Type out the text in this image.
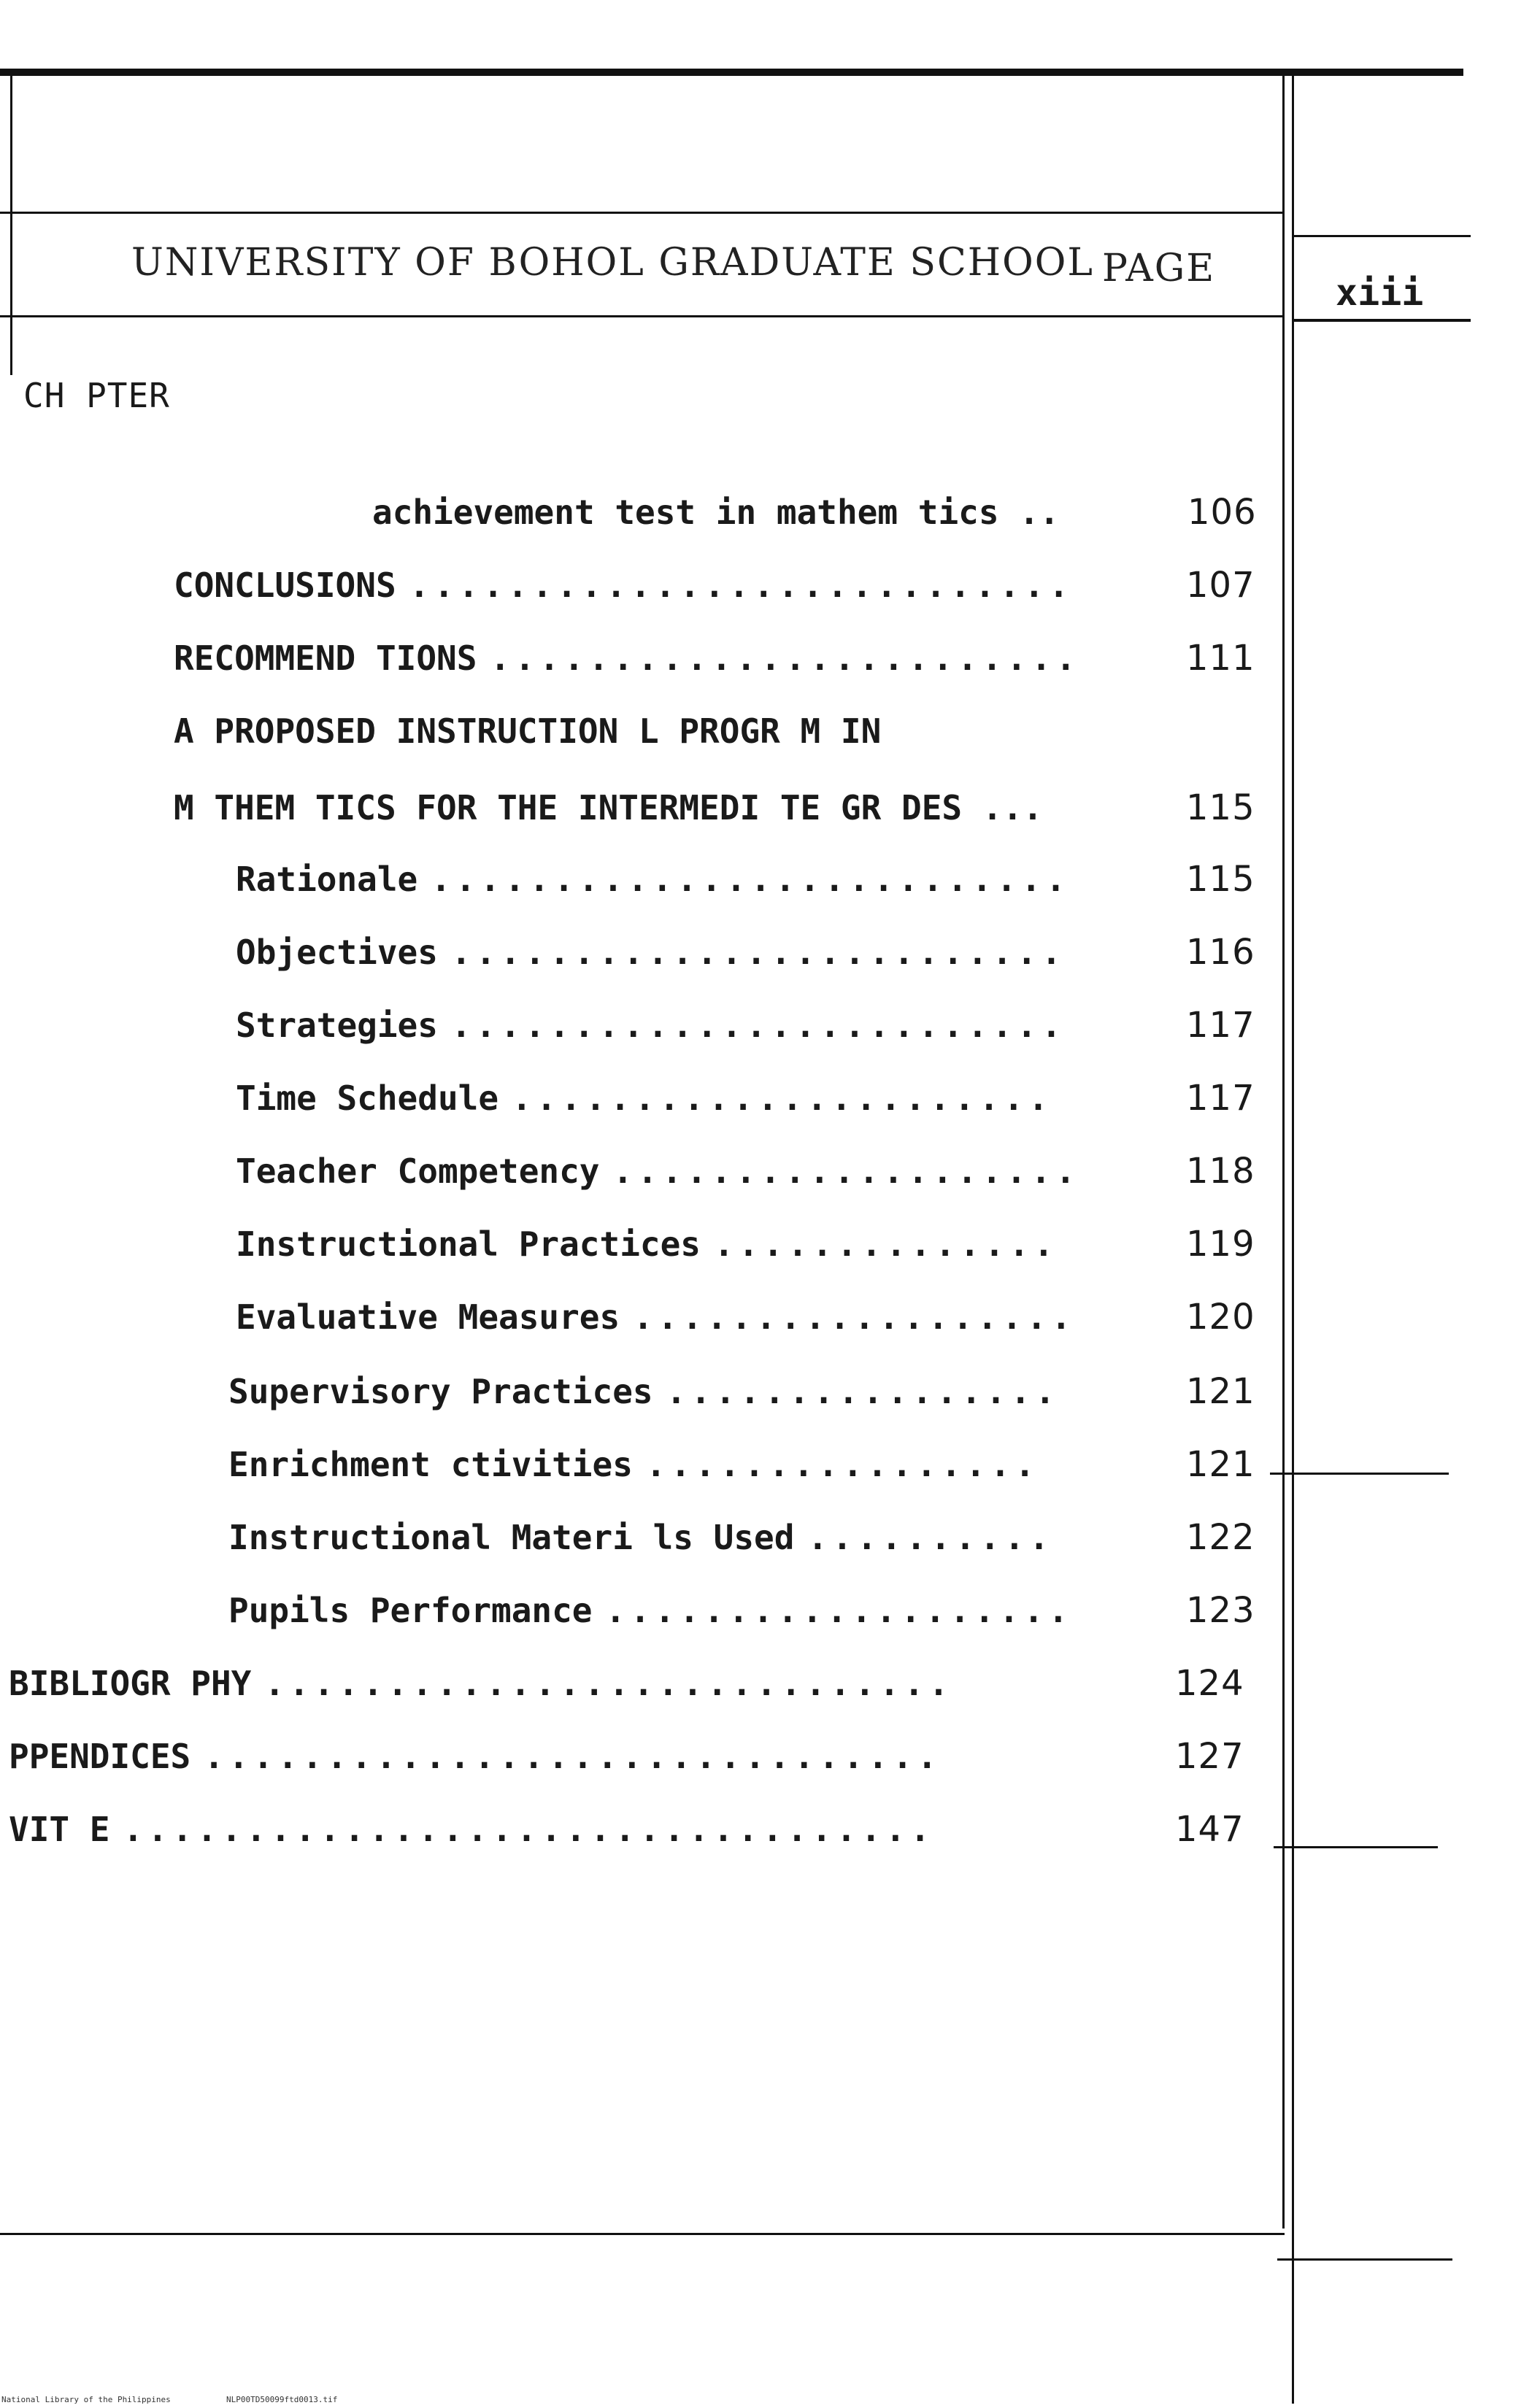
UNIVERSITY OF BOHOL GRADUATE SCHOOL PAGE
xiii
CH PTER
achievement test in mathem tics ..	106
CONCLUSIONS ...........................	107
RECOMMEND TIONS ........................	111
A PROPOSED INSTRUCTION L PROGR M IN
M THEM TICS FOR THE INTERMEDI TE GR DES ...	115
Rationale ..........................	115
Objectives .........................	116
Strategies .........................	117
Time Schedule ......................	117
Teacher Competency ...................	118
Instructional Practices ..............	119
Evaluative Measures ..................	120
Supervisory Practices ................	121
Enrichment ctivities ................	121
Instructional Materi ls Used ..........	122
Pupils Performance ...................	123
BIBLIOGR PHY ............................	124
PPENDICES ..............................	127
VIT E .................................	147
National Library of the Philippines	NLP00TD50099ftd0013.tif
